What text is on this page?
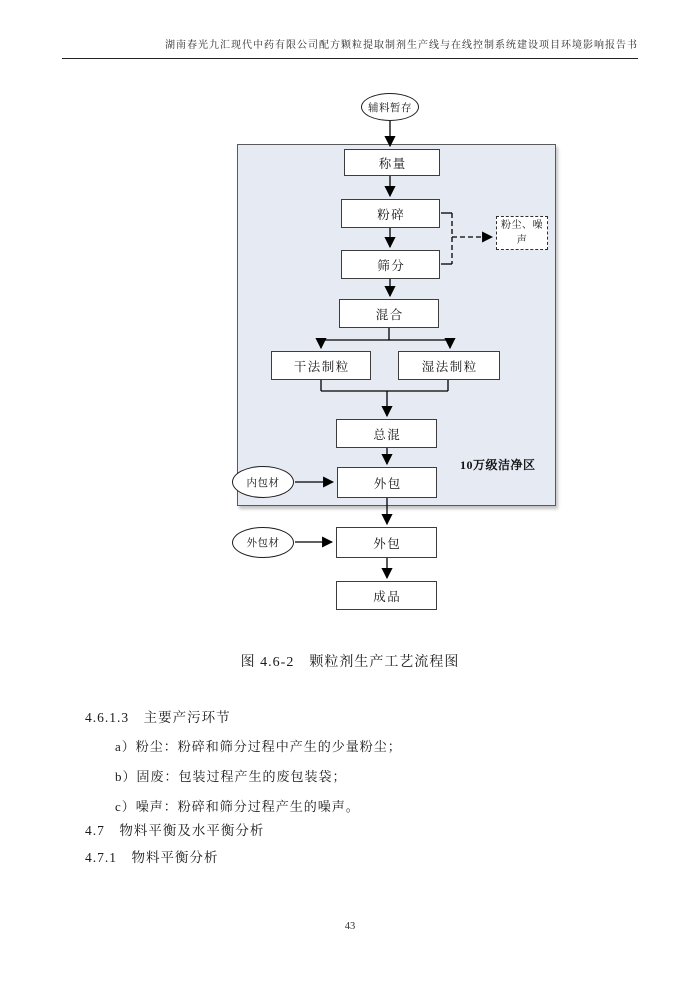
湖南春光九汇现代中药有限公司配方颗粒提取制剂生产线与在线控制系统建设项目环境影响报告书
10万级洁净区
辅料暂存
称量
粉碎
粉尘、噪声
筛分
混合
干法制粒	湿法制粒
总混
内包材	外包
外包材	外包
成品
图 4.6-2　颗粒剂生产工艺流程图
4.6.1.3　主要产污环节
a）粉尘：粉碎和筛分过程中产生的少量粉尘；
b）固废：包装过程产生的废包装袋；
c）噪声：粉碎和筛分过程产生的噪声。
4.7　物料平衡及水平衡分析
4.7.1　物料平衡分析
43
